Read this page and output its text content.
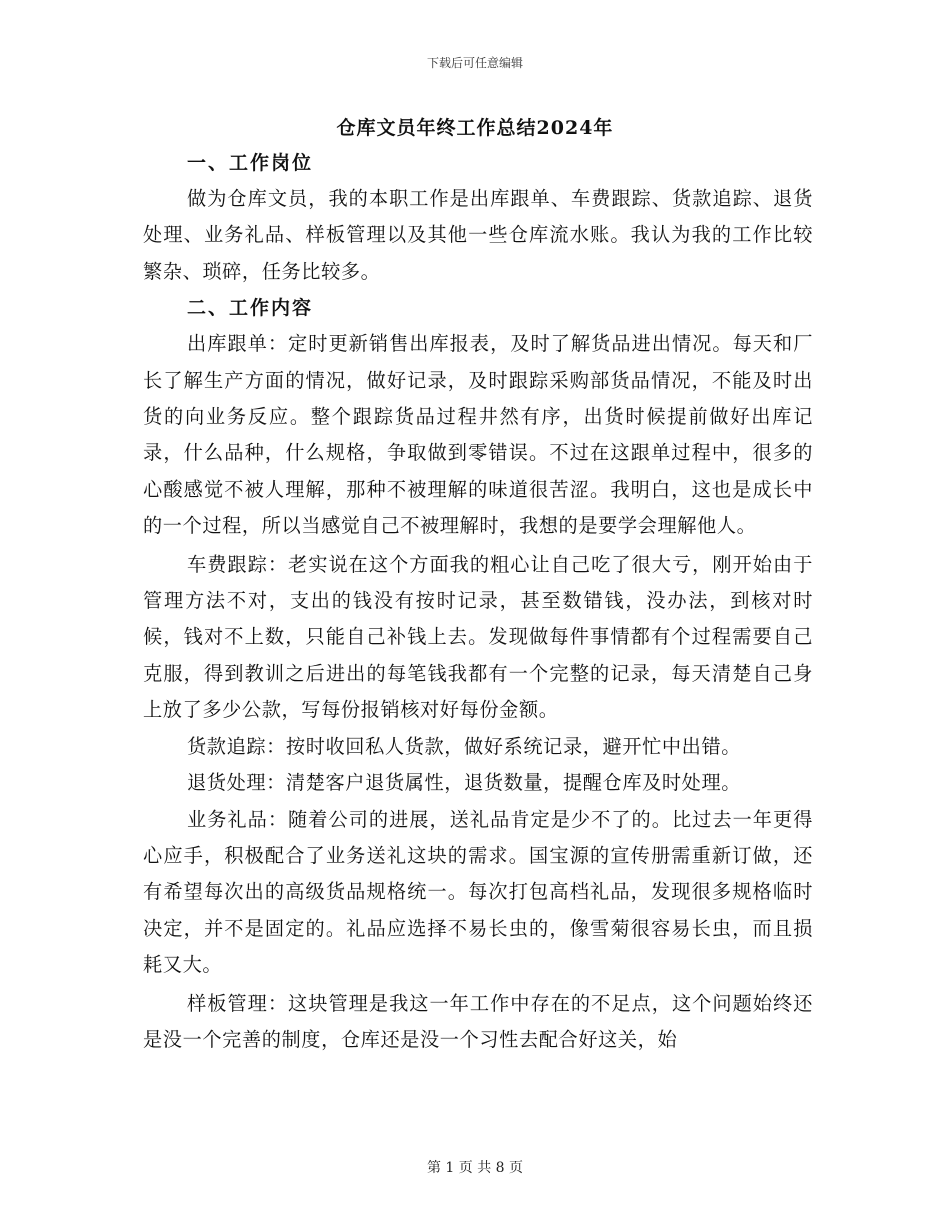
下载后可任意编辑
仓库文员年终工作总结2024年
一、工作岗位
做为仓库文员，我的本职工作是出库跟单、车费跟踪、货款追踪、退货处理、业务礼品、样板管理以及其他一些仓库流水账。我认为我的工作比较繁杂、琐碎，任务比较多。
二、工作内容
出库跟单：定时更新销售出库报表，及时了解货品进出情况。每天和厂长了解生产方面的情况，做好记录，及时跟踪采购部货品情况，不能及时出货的向业务反应。整个跟踪货品过程井然有序，出货时候提前做好出库记录，什么品种，什么规格，争取做到零错误。不过在这跟单过程中，很多的心酸感觉不被人理解，那种不被理解的味道很苦涩。我明白，这也是成长中的一个过程，所以当感觉自己不被理解时，我想的是要学会理解他人。
车费跟踪：老实说在这个方面我的粗心让自己吃了很大亏，刚开始由于管理方法不对，支出的钱没有按时记录，甚至数错钱，没办法，到核对时候，钱对不上数，只能自己补钱上去。发现做每件事情都有个过程需要自己克服，得到教训之后进出的每笔钱我都有一个完整的记录，每天清楚自己身上放了多少公款，写每份报销核对好每份金额。
货款追踪：按时收回私人货款，做好系统记录，避开忙中出错。
退货处理：清楚客户退货属性，退货数量，提醒仓库及时处理。
业务礼品：随着公司的进展，送礼品肯定是少不了的。比过去一年更得心应手，积极配合了业务送礼这块的需求。国宝源的宣传册需重新订做，还有希望每次出的高级货品规格统一。每次打包高档礼品，发现很多规格临时决定，并不是固定的。礼品应选择不易长虫的，像雪菊很容易长虫，而且损耗又大。
样板管理：这块管理是我这一年工作中存在的不足点，这个问题始终还是没一个完善的制度，仓库还是没一个习性去配合好这关，始
第 1 页 共 8 页
